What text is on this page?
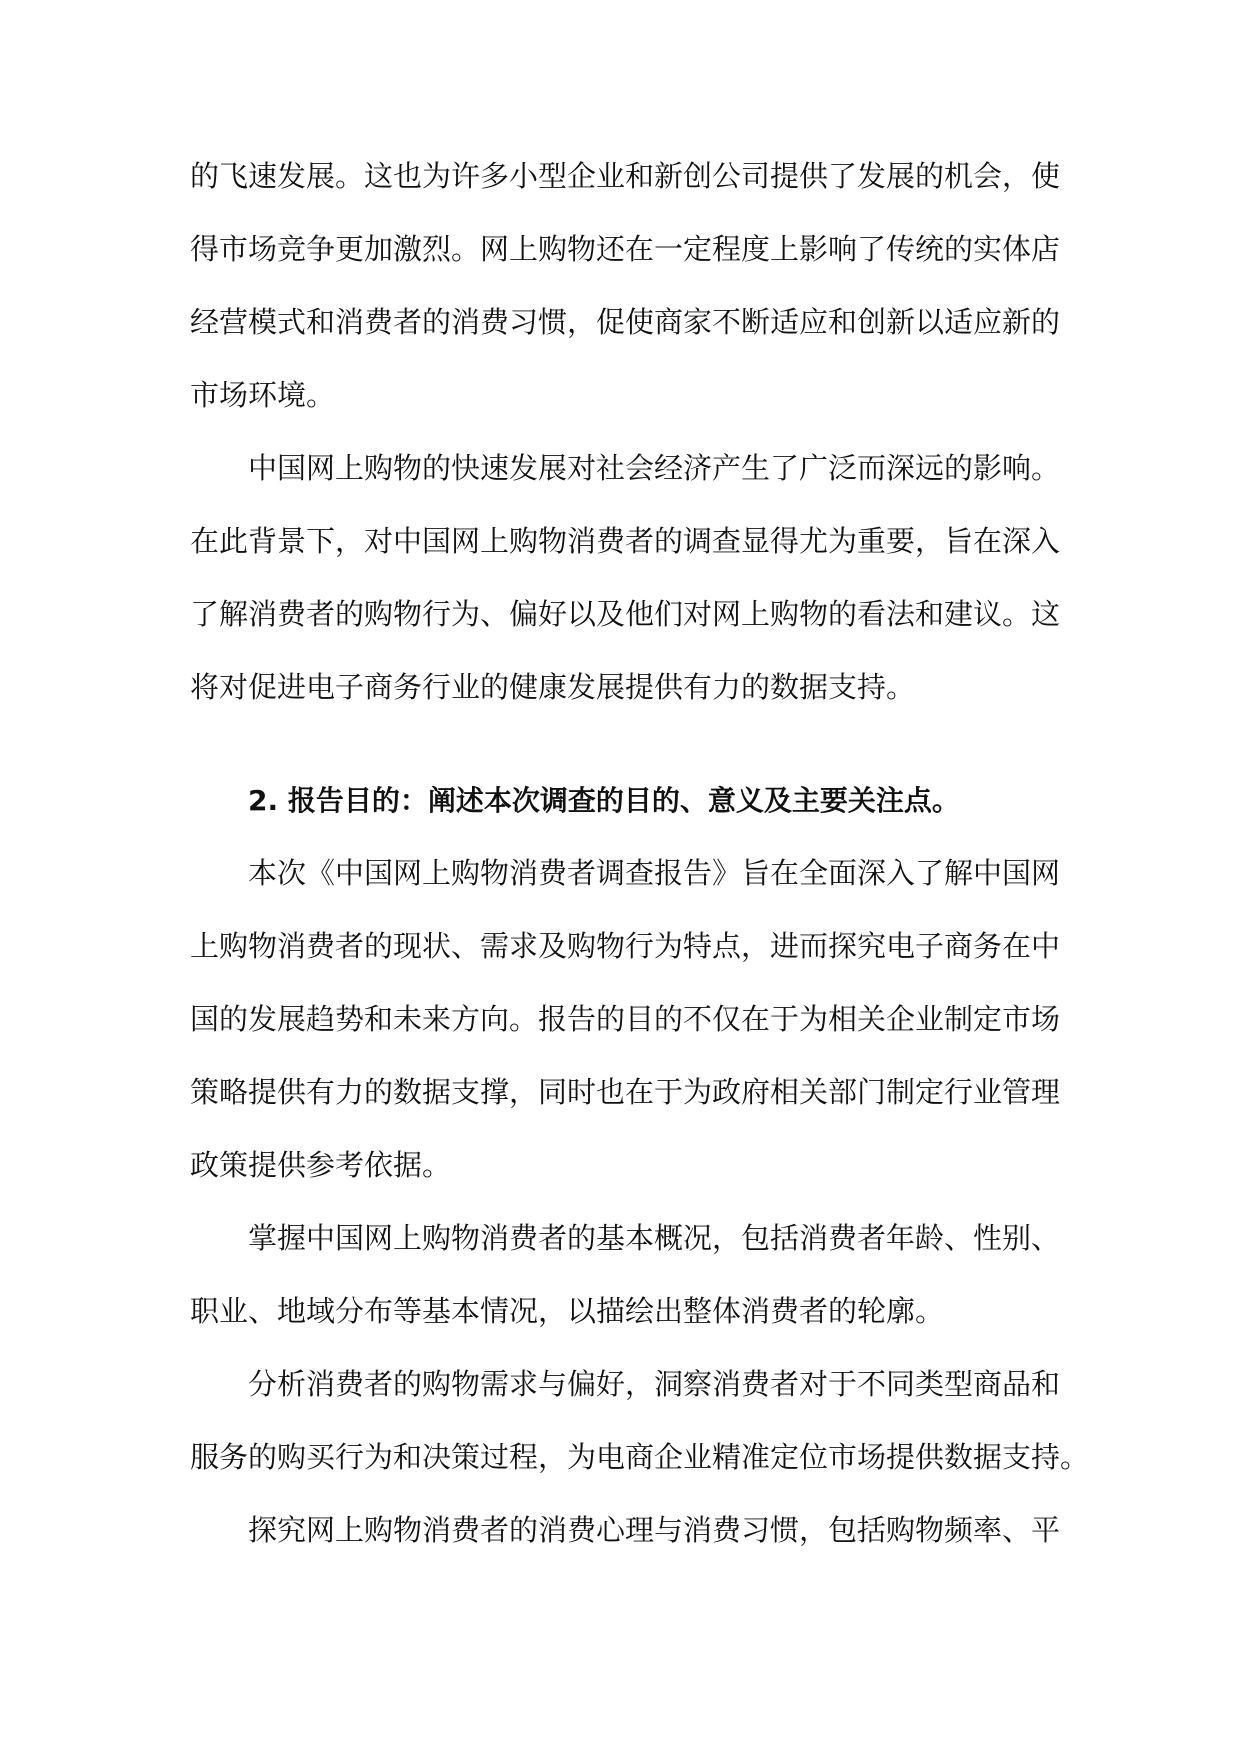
的飞速发展。这也为许多小型企业和新创公司提供了发展的机会，使
得市场竞争更加激烈。网上购物还在一定程度上影响了传统的实体店
经营模式和消费者的消费习惯，促使商家不断适应和创新以适应新的
市场环境。
中国网上购物的快速发展对社会经济产生了广泛而深远的影响。
在此背景下，对中国网上购物消费者的调查显得尤为重要，旨在深入
了解消费者的购物行为、偏好以及他们对网上购物的看法和建议。这
将对促进电子商务行业的健康发展提供有力的数据支持。
2. 报告目的：阐述本次调查的目的、意义及主要关注点。
本次《中国网上购物消费者调查报告》旨在全面深入了解中国网
上购物消费者的现状、需求及购物行为特点，进而探究电子商务在中
国的发展趋势和未来方向。报告的目的不仅在于为相关企业制定市场
策略提供有力的数据支撑，同时也在于为政府相关部门制定行业管理
政策提供参考依据。
掌握中国网上购物消费者的基本概况，包括消费者年龄、性别、
职业、地域分布等基本情况，以描绘出整体消费者的轮廓。
分析消费者的购物需求与偏好，洞察消费者对于不同类型商品和
服务的购买行为和决策过程，为电商企业精准定位市场提供数据支持。
探究网上购物消费者的消费心理与消费习惯，包括购物频率、平
